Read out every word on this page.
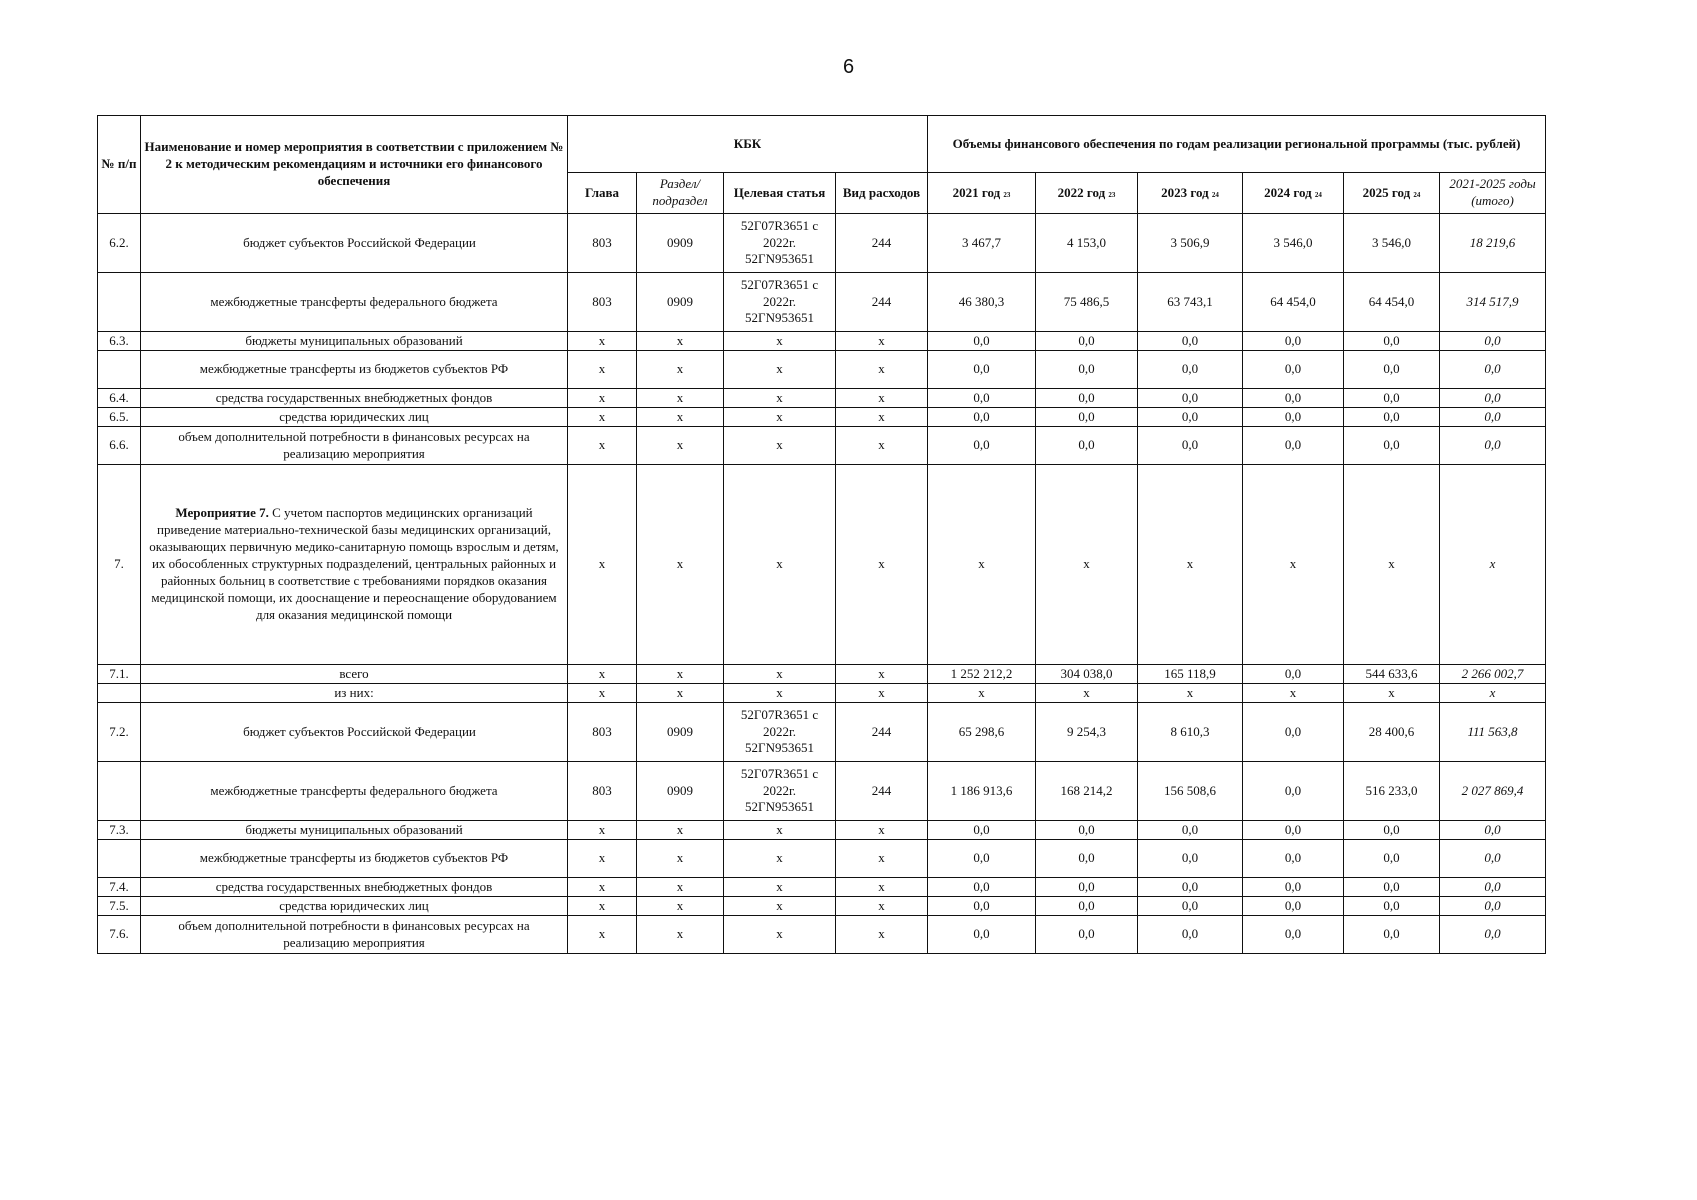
6
№ п/п	Наименование и номер мероприятия в соответствии с приложением № 2 к методическим рекомендациям и источники его финансового обеспечения	КБК				Объемы финансового обеспечения по годам реализации региональной программы (тыс. рублей)					
		Глава	Раздел/ подраздел	Целевая статья	Вид расходов	2021 год 23	2022 год 23	2023 год 24	2024 год 24	2025 год 24	2021-2025 годы (итого)
6.2.	бюджет субъектов Российской Федерации	803	0909	52Г07R3651 с 2022г. 52ГN953651	244	3 467,7	4 153,0	3 506,9	3 546,0	3 546,0	18 219,6
	межбюджетные трансферты федерального бюджета	803	0909	52Г07R3651 с 2022г. 52ГN953651	244	46 380,3	75 486,5	63 743,1	64 454,0	64 454,0	314 517,9
6.3.	бюджеты муниципальных образований	x	x	x	x	0,0	0,0	0,0	0,0	0,0	0,0
	межбюджетные трансферты из бюджетов субъектов РФ	x	x	x	x	0,0	0,0	0,0	0,0	0,0	0,0
6.4.	средства государственных внебюджетных фондов	x	x	x	x	0,0	0,0	0,0	0,0	0,0	0,0
6.5.	средства юридических лиц	x	x	x	x	0,0	0,0	0,0	0,0	0,0	0,0
6.6.	объем дополнительной потребности в финансовых ресурсах на реализацию мероприятия	x	x	x	x	0,0	0,0	0,0	0,0	0,0	0,0
7.	Мероприятие 7. С учетом паспортов медицинских организаций приведение материально-технической базы медицинских организаций, оказывающих первичную медико-санитарную помощь взрослым и детям, их обособленных структурных подразделений, центральных районных и районных больниц в соответствие с требованиями порядков оказания медицинской помощи, их дооснащение и переоснащение оборудованием для оказания медицинской помощи	x	x	x	x	x	x	x	x	x	x
7.1.	всего	x	x	x	x	1 252 212,2	304 038,0	165 118,9	0,0	544 633,6	2 266 002,7
	из них:	x	x	x	x	x	x	x	x	x	x
7.2.	бюджет субъектов Российской Федерации	803	0909	52Г07R3651 с 2022г. 52ГN953651	244	65 298,6	9 254,3	8 610,3	0,0	28 400,6	111 563,8
	межбюджетные трансферты федерального бюджета	803	0909	52Г07R3651 с 2022г. 52ГN953651	244	1 186 913,6	168 214,2	156 508,6	0,0	516 233,0	2 027 869,4
7.3.	бюджеты муниципальных образований	x	x	x	x	0,0	0,0	0,0	0,0	0,0	0,0
	межбюджетные трансферты из бюджетов субъектов РФ	x	x	x	x	0,0	0,0	0,0	0,0	0,0	0,0
7.4.	средства государственных внебюджетных фондов	x	x	x	x	0,0	0,0	0,0	0,0	0,0	0,0
7.5.	средства юридических лиц	x	x	x	x	0,0	0,0	0,0	0,0	0,0	0,0
7.6.	объем дополнительной потребности в финансовых ресурсах на реализацию мероприятия	x	x	x	x	0,0	0,0	0,0	0,0	0,0	0,0
